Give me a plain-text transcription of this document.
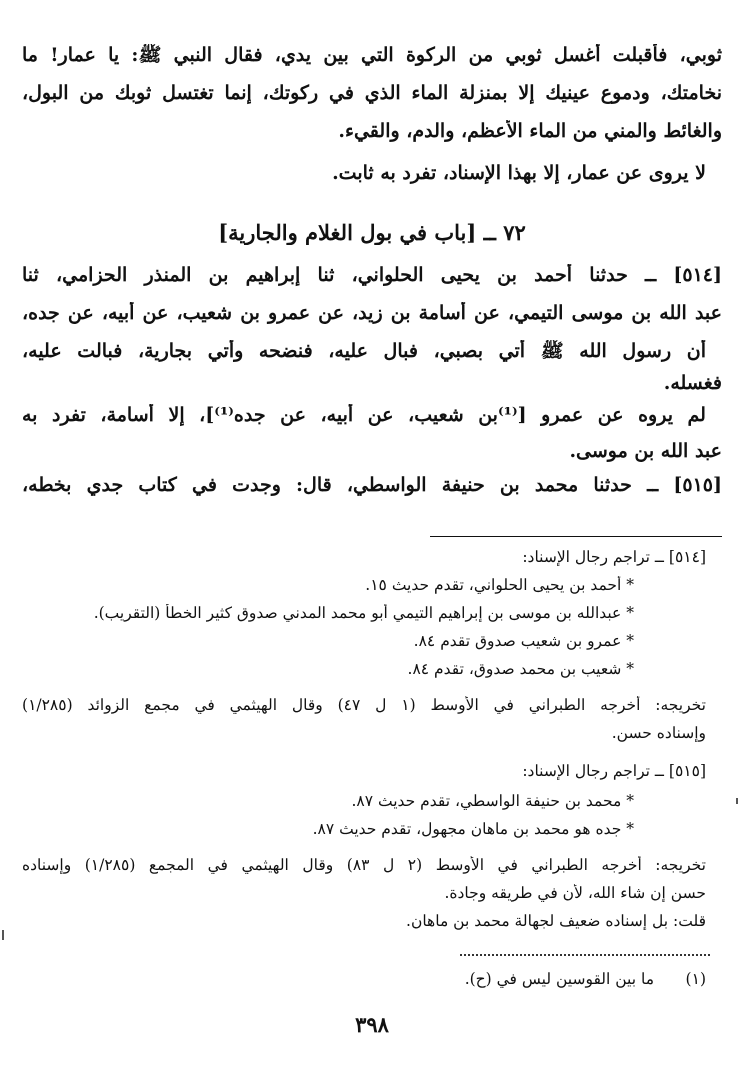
ثوبي، فأقبلت أغسل ثوبي من الركوة التي بين يدي، فقال النبي ﷺ: يا عمار! ما
نخامتك، ودموع عينيك إلا بمنزلة الماء الذي في ركوتك، إنما تغتسل ثوبك من البول،
والغائط والمني من الماء الأعظم، والدم، والقيء.
لا يروى عن عمار، إلا بهذا الإسناد، تفرد به ثابت.
٧٢ ــ [باب في بول الغلام والجارية]
[٥١٤] ــ حدثنا أحمد بن يحيى الحلواني، ثنا إبراهيم بن المنذر الحزامي، ثنا
عبد الله بن موسى التيمي، عن أسامة بن زيد، عن عمرو بن شعيب، عن أبيه، عن جده،
أن رسول الله ﷺ أتي بصبي، فبال عليه، فنضحه وأتي بجارية، فبالت عليه،
فغسله.
لم يروه عن عمرو [⁽¹⁾بن شعيب، عن أبيه، عن جده⁽¹⁾]، إلا أسامة، تفرد به
عبد الله بن موسى.
[٥١٥] ــ حدثنا محمد بن حنيفة الواسطي، قال: وجدت في كتاب جدي بخطه،
[٥١٤] ــ تراجم رجال الإسناد:
* أحمد بن يحيى الحلواني، تقدم حديث ١٥.
* عبدالله بن موسى بن إبراهيم التيمي أبو محمد المدني صدوق كثير الخطأ (التقريب).
* عمرو بن شعيب صدوق تقدم ٨٤.
* شعيب بن محمد صدوق، تقدم ٨٤.
تخريجه: أخرجه الطبراني في الأوسط (١ ل ٤٧) وقال الهيثمي في مجمع الزوائد (١/٢٨٥)
وإسناده حسن.
[٥١٥] ــ تراجم رجال الإسناد:
* محمد بن حنيفة الواسطي، تقدم حديث ٨٧.
* جده هو محمد بن ماهان مجهول، تقدم حديث ٨٧.
تخريجه: أخرجه الطبراني في الأوسط (٢ ل ٨٣) وقال الهيثمي في المجمع (١/٢٨٥) وإسناده
حسن إن شاء الله، لأن في طريقه وجادة.
قلت: بل إسناده ضعيف لجهالة محمد بن ماهان.
(١)
ما بين القوسين ليس في (ح).
٣٩٨
